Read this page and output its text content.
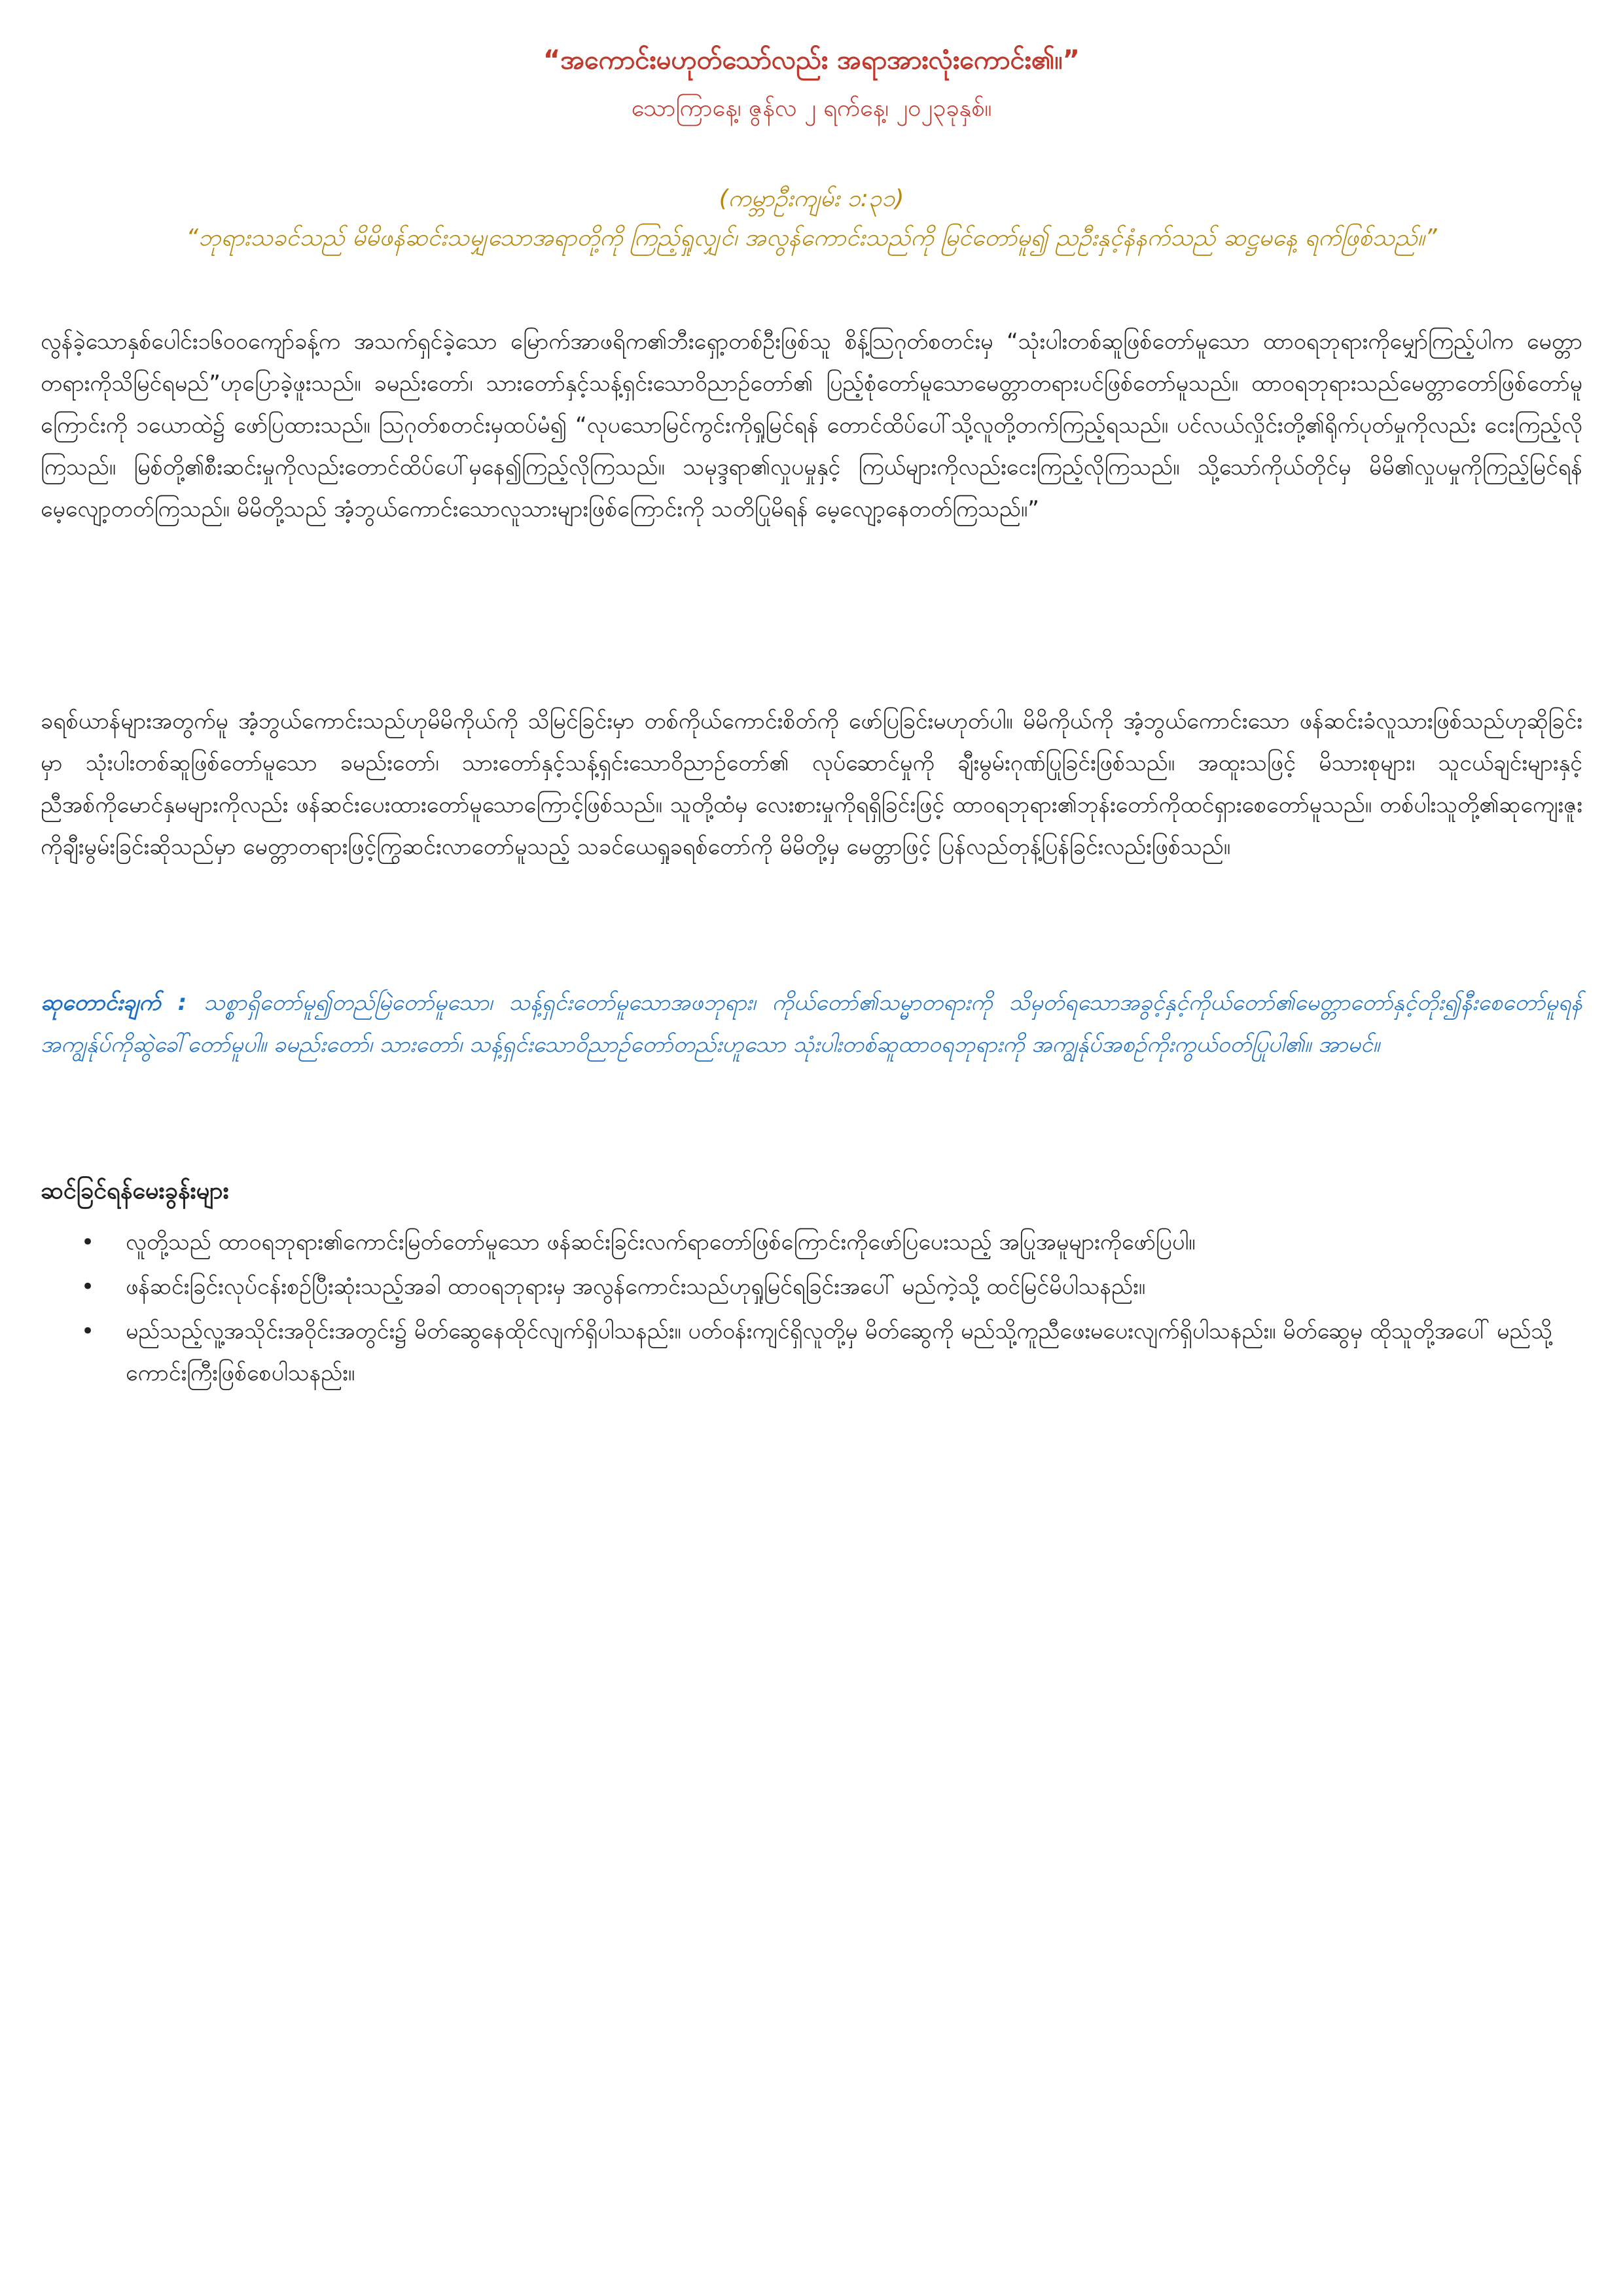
“အကောင်းမဟုတ်သော်လည်း အရာအားလုံးကောင်း၏။”
သောကြာနေ့၊ ဇွန်လ ၂ ရက်နေ့၊ ၂၀၂၃ခုနှစ်။
(ကမ္ဘာဦးကျမ်း ၁:၃၁)
“ဘုရားသခင်သည် မိမိဖန်ဆင်းသမျှသောအရာတို့ကို ကြည့်ရှုလျှင်၊ အလွန်ကောင်းသည်ကို မြင်တော်မူ၍ ညဦးနှင့်နံနက်သည် ဆဋ္ဌမနေ့ ရက်ဖြစ်သည်။”

လွန်ခဲ့သောနှစ်ပေါင်း၁၆၀၀ကျော်ခန့်က အသက်ရှင်ခဲ့သော မြောက်အာဖရိက၏ဘီးရှော့တစ်ဦးဖြစ်သူ စိန့်ဩဂုတ်စတင်းမှ “သုံးပါးတစ်ဆူဖြစ်တော်မူသော ထာဝရဘုရားကိုမျှော်ကြည့်ပါက မေတ္တာတရားကိုသိမြင်ရမည်”ဟုပြောခဲ့ဖူးသည်။ ခမည်းတော်၊ သားတော်နှင့်သန့်ရှင်းသောဝိညာဉ်တော်၏ ပြည့်စုံတော်မူသောမေတ္တာတရားပင်ဖြစ်တော်မူသည်။ ထာဝရဘုရားသည်မေတ္တာတော်ဖြစ်တော်မူကြောင်းကို ၁ယောထဲ၌ ဖော်ပြထားသည်။ ဩဂုတ်စတင်းမှထပ်မံ၍ “လုပသောမြင်ကွင်းကိုရှုမြင်ရန် တောင်ထိပ်ပေါ်သို့လူတို့တက်ကြည့်ရသည်။ ပင်လယ်လှိုင်းတို့၏ရိုက်ပုတ်မှုကိုလည်း ငေးကြည့်လိုကြသည်။ မြစ်တို့၏စီးဆင်းမှုကိုလည်းတောင်ထိပ်ပေါ်မှနေ၍ကြည့်လိုကြသည်။ သမုဒ္ဒရာ၏လှုပမှုနှင့် ကြယ်များကိုလည်းငေးကြည့်လိုကြသည်။ သို့သော်ကိုယ်တိုင်မှ မိမိ၏လှုပမှုကိုကြည့်မြင်ရန်မေ့လျော့တတ်ကြသည်။ မိမိတို့သည် အံ့ဘွယ်ကောင်းသောလူသားများဖြစ်ကြောင်းကို သတိပြုမိရန် မေ့လျော့နေတတ်ကြသည်။”

ခရစ်ယာန်များအတွက်မူ အံ့ဘွယ်ကောင်းသည်ဟုမိမိကိုယ်ကို သိမြင်ခြင်းမှာ တစ်ကိုယ်ကောင်းစိတ်ကို ဖော်ပြခြင်းမဟုတ်ပါ။ မိမိကိုယ်ကို အံ့ဘွယ်ကောင်းသော ဖန်ဆင်းခံလူသားဖြစ်သည်ဟုဆိုခြင်းမှာ သုံးပါးတစ်ဆူဖြစ်တော်မူသော ခမည်းတော်၊ သားတော်နှင့်သန့်ရှင်းသောဝိညာဉ်တော်၏ လုပ်ဆောင်မှုကို ချီးမွမ်းဂုဏ်ပြုခြင်းဖြစ်သည်။ အထူးသဖြင့် မိသားစုများ၊ သူငယ်ချင်းများနှင့်ညီအစ်ကိုမောင်နှမများကိုလည်း ဖန်ဆင်းပေးထားတော်မူသောကြောင့်ဖြစ်သည်။ သူတို့ထံမှ လေးစားမှုကိုရရှိခြင်းဖြင့် ထာဝရဘုရား၏ဘုန်းတော်ကိုထင်ရှားစေတော်မူသည်။ တစ်ပါးသူတို့၏ဆုကျေးဇူးကိုချီးမွမ်းခြင်းဆိုသည်မှာ မေတ္တာတရားဖြင့်ကြွဆင်းလာတော်မူသည့် သခင်ယေရှုခရစ်တော်ကို မိမိတို့မှ မေတ္တာဖြင့် ပြန်လည်တုန့်ပြန်ခြင်းလည်းဖြစ်သည်။

ဆုတောင်းချက် : သစ္စာရှိတော်မူ၍တည်မြဲတော်မူသော၊ သန့်ရှင်းတော်မူသောအဖဘုရား၊ ကိုယ်တော်၏သမ္မာတရားကို သိမှတ်ရသောအခွင့်နှင့်ကိုယ်တော်၏မေတ္တာတော်နှင့်တိုး၍နီးစေတော်မူရန် အကျွန်ုပ်ကိုဆွဲခေါ်တော်မူပါ။ ခမည်းတော်၊ သားတော်၊ သန့်ရှင်းသောဝိညာဉ်တော်တည်းဟူသော သုံးပါးတစ်ဆူထာဝရဘုရားကို အကျွန်ုပ်အစဉ်ကိုးကွယ်ဝတ်ပြုပါ၏။ အာမင်။

ဆင်ခြင်ရန်မေးခွန်းများ
• လူတို့သည် ထာဝရဘုရား၏ကောင်းမြတ်တော်မူသော ဖန်ဆင်းခြင်းလက်ရာတော်ဖြစ်ကြောင်းကိုဖော်ပြပေးသည့် အပြုအမူများကိုဖော်ပြပါ။
• ဖန်ဆင်းခြင်းလုပ်ငန်းစဉ်ပြီးဆုံးသည့်အခါ ထာဝရဘုရားမှ အလွန်ကောင်းသည်ဟုရှုမြင်ရခြင်းအပေါ် မည်ကဲ့သို့ ထင်မြင်မိပါသနည်း။
• မည်သည့်လူ့အသိုင်းအဝိုင်းအတွင်း၌ မိတ်ဆွေနေထိုင်လျက်ရှိပါသနည်း။ ပတ်ဝန်းကျင်ရှိလူတို့မှ မိတ်ဆွေကို မည်သို့ကူညီဖေးမပေးလျက်ရှိပါသနည်း။ မိတ်ဆွေမှ ထိုသူတို့အပေါ် မည်သို့ကောင်းကြီးဖြစ်စေပါသနည်း။
